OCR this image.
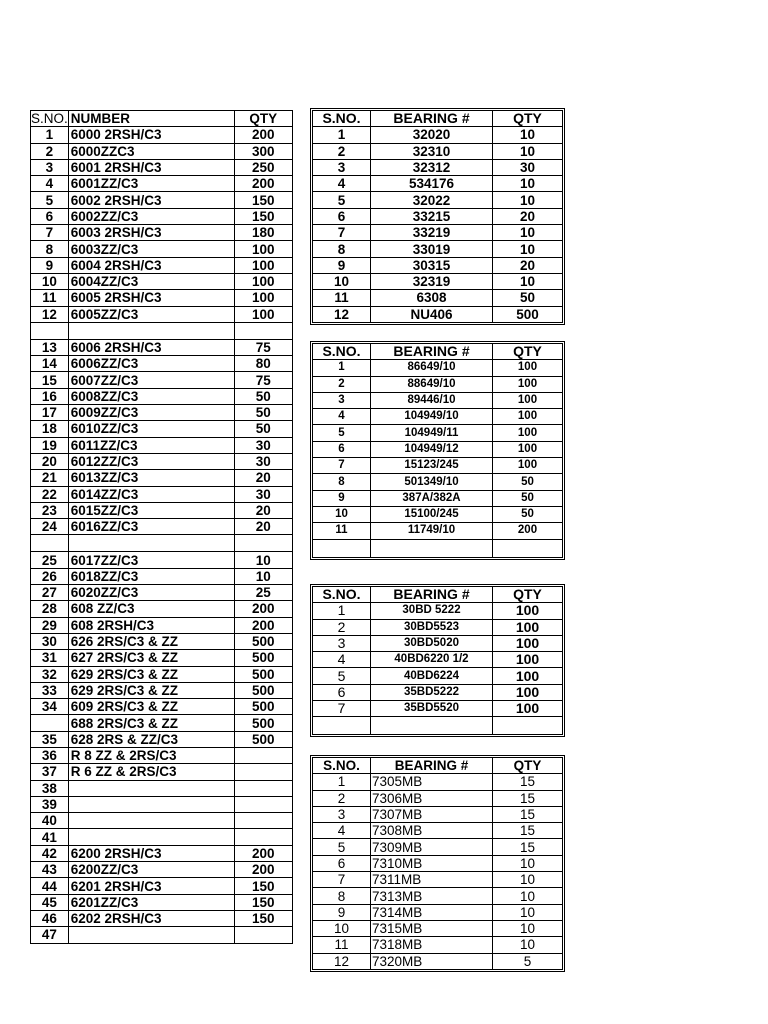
S.NO.	NUMBER	QTY
1	6000 2RSH/C3	200
2	6000ZZC3	300
3	6001 2RSH/C3	250
4	6001ZZ/C3	200
5	6002 2RSH/C3	150
6	6002ZZ/C3	150
7	6003 2RSH/C3	180
8	6003ZZ/C3	100
9	6004 2RSH/C3	100
10	6004ZZ/C3	100
11	6005 2RSH/C3	100
12	6005ZZ/C3	100

13	6006 2RSH/C3	75
14	6006ZZ/C3	80
15	6007ZZ/C3	75
16	6008ZZ/C3	50
17	6009ZZ/C3	50
18	6010ZZ/C3	50
19	6011ZZ/C3	30
20	6012ZZ/C3	30
21	6013ZZ/C3	20
22	6014ZZ/C3	30
23	6015ZZ/C3	20
24	6016ZZ/C3	20

25	6017ZZ/C3	10
26	6018ZZ/C3	10
27	6020ZZ/C3	25
28	608 ZZ/C3	200
29	608 2RSH/C3	200
30	626 2RS/C3 & ZZ	500
31	627 2RS/C3 & ZZ	500
32	629 2RS/C3 & ZZ	500
33	629 2RS/C3 & ZZ	500
34	609 2RS/C3 & ZZ	500
	688 2RS/C3 & ZZ	500
35	628 2RS & ZZ/C3	500
36	R 8 ZZ & 2RS/C3	
37	R 6 ZZ & 2RS/C3	
38		
39		
40		
41		
42	6200 2RSH/C3	200
43	6200ZZ/C3	200
44	6201 2RSH/C3	150
45	6201ZZ/C3	150
46	6202 2RSH/C3	150
47		
S.NO.	BEARING #	QTY
1	32020	10
2	32310	10
3	32312	30
4	534176	10
5	32022	10
6	33215	20
7	33219	10
8	33019	10
9	30315	20
10	32319	10
11	6308	50
12	NU406	500
S.NO.	BEARING #	QTY
1	86649/10	100
2	88649/10	100
3	89446/10	100
4	104949/10	100
5	104949/11	100
6	104949/12	100
7	15123/245	100
8	501349/10	50
9	387A/382A	50
10	15100/245	50
11	11749/10	200

S.NO.	BEARING #	QTY
1	30BD 5222	100
2	30BD5523	100
3	30BD5020	100
4	40BD6220 1/2	100
5	40BD6224	100
6	35BD5222	100
7	35BD5520	100

S.NO.	BEARING #	QTY
1	7305MB	15
2	7306MB	15
3	7307MB	15
4	7308MB	15
5	7309MB	15
6	7310MB	10
7	7311MB	10
8	7313MB	10
9	7314MB	10
10	7315MB	10
11	7318MB	10
12	7320MB	5
